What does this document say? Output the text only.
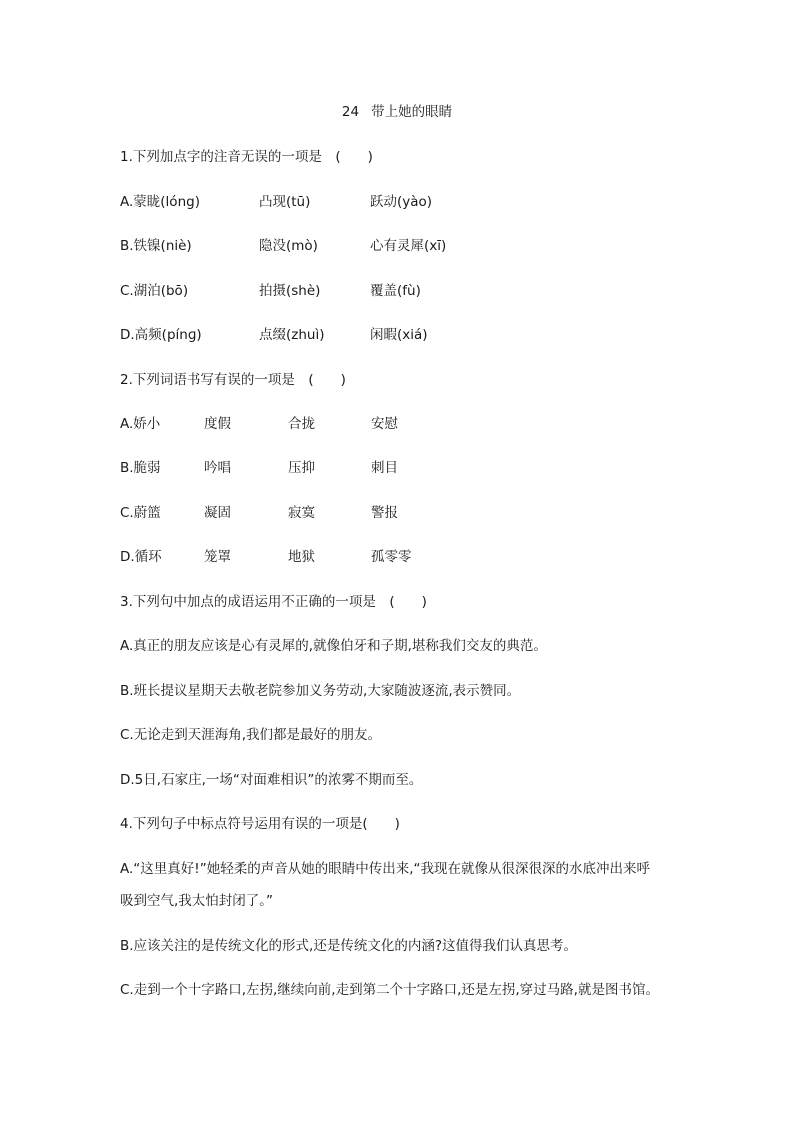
24 带上她的眼睛
1.下列加点字的注音无误的一项是　(　　)
A.蒙眬(lóng)	凸现(tū)	跃动(yào)
B.铁镍(niè)	隐没(mò)	心有灵犀(xī)
C.湖泊(bō)	拍摄(shè)	覆盖(fù)
D.高频(pínɡ)	点缀(zhuì)	闲暇(xiá)
2.下列词语书写有误的一项是　(　　)
A.娇小	度假	合拢	安慰
B.脆弱	吟唱	压抑	刺目
C.蔚篮	凝固	寂寞	警报
D.循环	笼罩	地狱	孤零零
3.下列句中加点的成语运用不正确的一项是　(　　)
A.真正的朋友应该是心有灵犀的,就像伯牙和子期,堪称我们交友的典范。
B.班长提议星期天去敬老院参加义务劳动,大家随波逐流,表示赞同。
C.无论走到天涯海角,我们都是最好的朋友。
D.5日,石家庄,一场“对面难相识”的浓雾不期而至。
4.下列句子中标点符号运用有误的一项是(　　)
A.“这里真好!”她轻柔的声音从她的眼睛中传出来,“我现在就像从很深很深的水底冲出来呼
吸到空气,我太怕封闭了。”
B.应该关注的是传统文化的形式,还是传统文化的内涵?这值得我们认真思考。
C.走到一个十字路口,左拐,继续向前,走到第二个十字路口,还是左拐,穿过马路,就是图书馆。
